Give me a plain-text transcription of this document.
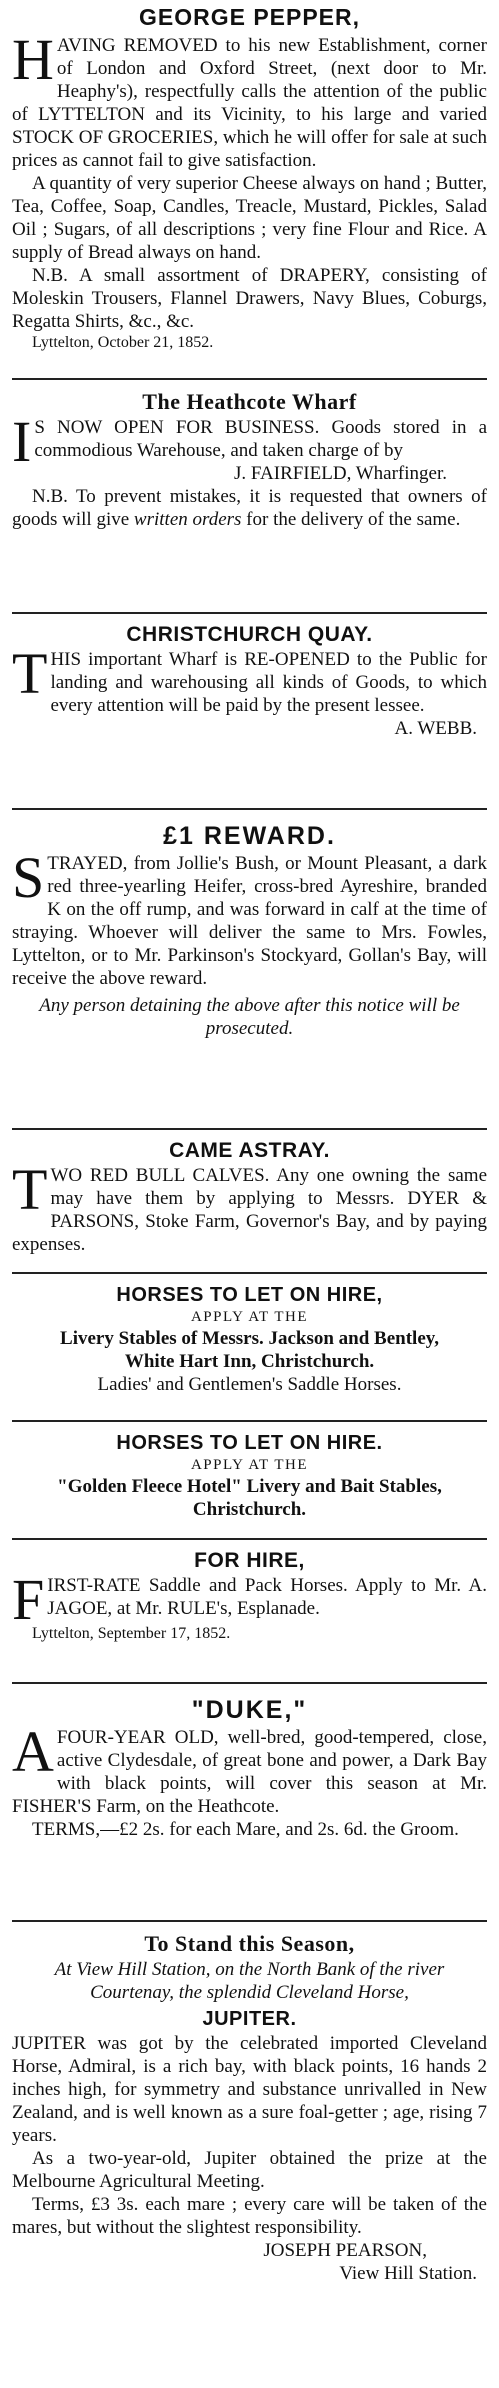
GEORGE PEPPER,

HAVING REMOVED to his new Establishment, corner of London and Oxford Street, (next door to Mr. Heaphy's), respectfully calls the attention of the public of LYTTELTON and its Vicinity, to his large and varied STOCK OF GROCERIES, which he will offer for sale at such prices as cannot fail to give satisfaction.

A quantity of very superior Cheese always on hand ; Butter, Tea, Coffee, Soap, Candles, Treacle, Mustard, Pickles, Salad Oil ; Sugars, of all descriptions ; very fine Flour and Rice. A supply of Bread always on hand.

N.B. A small assortment of DRAPERY, consisting of Moleskin Trousers, Flannel Drawers, Navy Blues, Coburgs, Regatta Shirts, &c., &c.

Lyttelton, October 21, 1852.

The Heathcote Wharf

I S NOW OPEN FOR BUSINESS. Goods stored in a commodious Warehouse, and taken charge of by

J. FAIRFIELD, Wharfinger.

N.B. To prevent mistakes, it is requested that owners of goods will give written orders for the delivery of the same.

CHRISTCHURCH QUAY.

THIS important Wharf is RE-OPENED to the Public for landing and warehousing all kinds of Goods, to which every attention will be paid by the present lessee.

A. WEBB.

£1 REWARD.

STRAYED, from Jollie's Bush, or Mount Pleasant, a dark red three-yearling Heifer, cross-bred Ayreshire, branded K on the off rump, and was forward in calf at the time of straying. Whoever will deliver the same to Mrs. Fowles, Lyttelton, or to Mr. Parkinson's Stockyard, Gollan's Bay, will receive the above reward.

Any person detaining the above after this notice will be prosecuted.

CAME ASTRAY.

TWO RED BULL CALVES. Any one owning the same may have them by applying to Messrs. DYER & PARSONS, Stoke Farm, Governor's Bay, and by paying expenses.

HORSES TO LET ON HIRE,

APPLY AT THE

Livery Stables of Messrs. Jackson and Bentley,

White Hart Inn, Christchurch.

Ladies' and Gentlemen's Saddle Horses.

HORSES TO LET ON HIRE.

APPLY AT THE

"Golden Fleece Hotel" Livery and Bait Stables,

Christchurch.

FOR HIRE,

FIRST-RATE Saddle and Pack Horses. Apply to Mr. A. JAGOE, at Mr. RULE's, Esplanade.

Lyttelton, September 17, 1852.

"DUKE,"

AFOUR-YEAR OLD, well-bred, good-tempered, close, active Clydesdale, of great bone and power, a Dark Bay with black points, will cover this season at Mr. FISHER'S Farm, on the Heathcote.

TERMS,—£2 2s. for each Mare, and 2s. 6d. the Groom.

To Stand this Season,

At View Hill Station, on the North Bank of the river Courtenay, the splendid Cleveland Horse,

JUPITER.

JUPITER was got by the celebrated imported Cleveland Horse, Admiral, is a rich bay, with black points, 16 hands 2 inches high, for symmetry and substance unrivalled in New Zealand, and is well known as a sure foal-getter ; age, rising 7 years.

As a two-year-old, Jupiter obtained the prize at the Melbourne Agricultural Meeting.

Terms, £3 3s. each mare ; every care will be taken of the mares, but without the slightest responsibility.

JOSEPH PEARSON,

View Hill Station.
